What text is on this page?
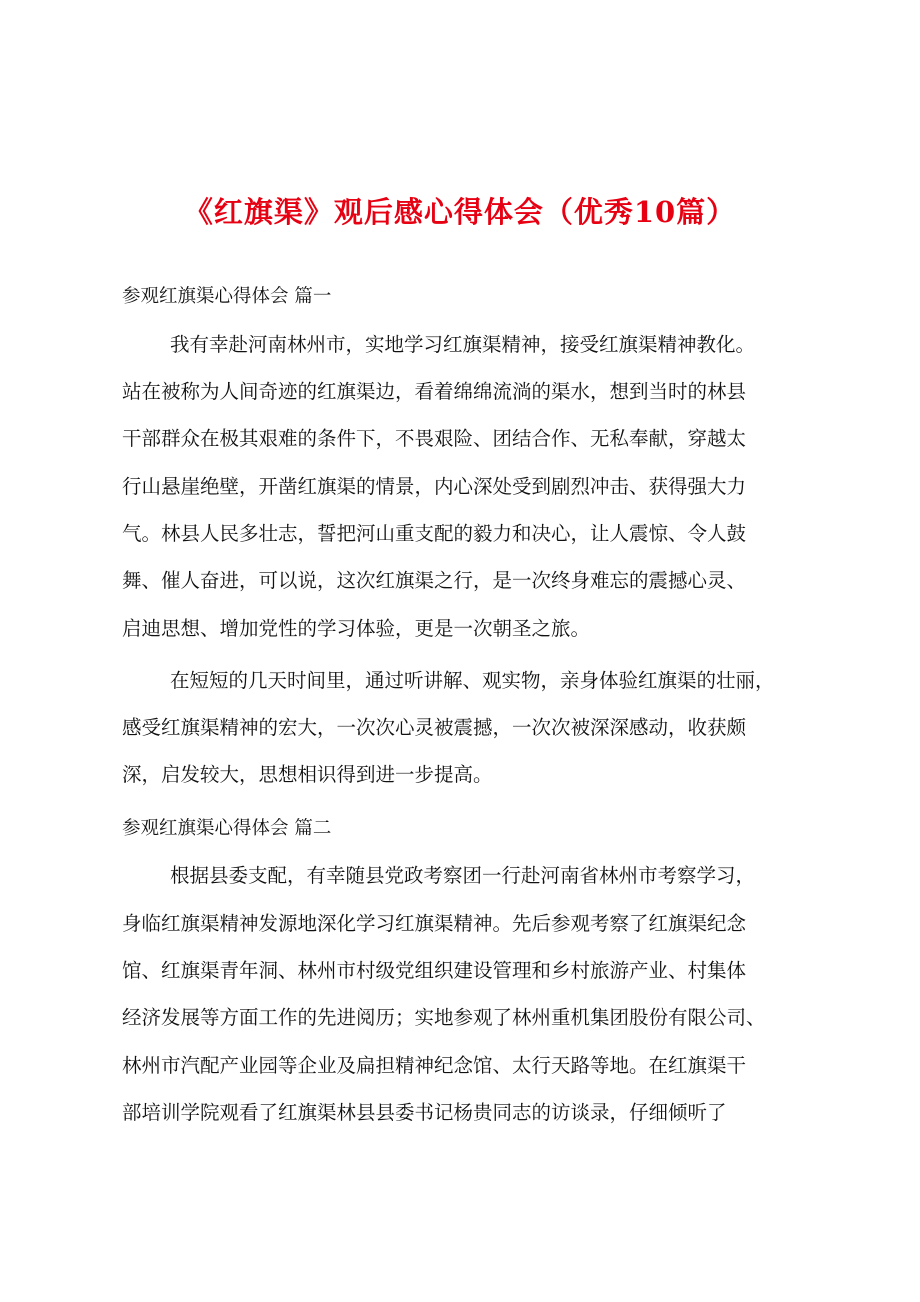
《红旗渠》观后感心得体会（优秀10篇）

参观红旗渠心得体会 篇一

我有幸赴河南林州市，实地学习红旗渠精神，接受红旗渠精神教化。

站在被称为人间奇迹的红旗渠边，看着绵绵流淌的渠水，想到当时的林县

干部群众在极其艰难的条件下，不畏艰险、团结合作、无私奉献，穿越太

行山悬崖绝壁，开凿红旗渠的情景，内心深处受到剧烈冲击、获得强大力

气。林县人民多壮志，誓把河山重支配的毅力和决心，让人震惊、令人鼓

舞、催人奋进，可以说，这次红旗渠之行，是一次终身难忘的震撼心灵、

启迪思想、增加党性的学习体验，更是一次朝圣之旅。

在短短的几天时间里，通过听讲解、观实物，亲身体验红旗渠的壮丽，

感受红旗渠精神的宏大，一次次心灵被震撼，一次次被深深感动，收获颇

深，启发较大，思想相识得到进一步提高。

参观红旗渠心得体会 篇二

根据县委支配，有幸随县党政考察团一行赴河南省林州市考察学习，

身临红旗渠精神发源地深化学习红旗渠精神。先后参观考察了红旗渠纪念

馆、红旗渠青年洞、林州市村级党组织建设管理和乡村旅游产业、村集体

经济发展等方面工作的先进阅历；实地参观了林州重机集团股份有限公司、

林州市汽配产业园等企业及扁担精神纪念馆、太行天路等地。在红旗渠干

部培训学院观看了红旗渠林县县委书记杨贵同志的访谈录，仔细倾听了
